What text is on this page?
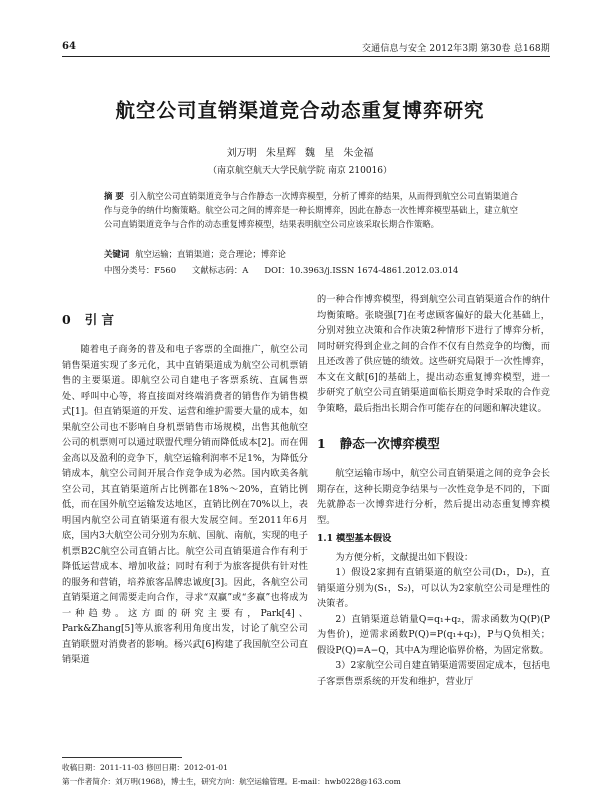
64	交通信息与安全 2012年3期 第30卷 总168期
航空公司直销渠道竞合动态重复博弈研究
刘万明 朱星辉 魏 星 朱金福
（南京航空航天大学民航学院 南京 210016）
摘 要 引入航空公司直销渠道竞争与合作静态一次博弈模型，分析了博弈的结果，从而得到航空公司直销渠道合作与竞争的纳什均衡策略。航空公司之间的博弈是一种长期博弈，因此在静态一次性博弈模型基础上，建立航空公司直销渠道竞争与合作的动态重复博弈模型，结果表明航空公司应该采取长期合作策略。
关键词 航空运输；直销渠道；竞合理论；博弈论
中图分类号：F560 文献标志码：A DOI：10.3963/j.ISSN 1674-4861.2012.03.014
0 引 言

随着电子商务的普及和电子客票的全面推广，航空公司销售渠道实现了多元化，其中直销渠道成为航空公司机票销售的主要渠道。即航空公司自建电子客票系统、直属售票处、呼叫中心等，将直接面对终端消费者的销售作为销售模式[1]。但直销渠道的开发、运营和维护需要大量的成本，如果航空公司也不影响自身机票销售市场规模，出售其他航空公司的机票则可以通过联盟代理分销而降低成本[2]。而在佣金高以及盈利的竞争下，航空运输利润率不足1%，为降低分销成本，航空公司间开展合作竞争成为必然。国内欧美各航空公司，其直销渠道所占比例都在18%～20%，直销比例低，而在国外航空运输发达地区，直销比例在70%以上，表明国内航空公司直销渠道有很大发展空间。至2011年6月底，国内3大航空公司分别为东航、国航、南航，实现的电子机票B2C航空公司直销占比。航空公司直销渠道合作有利于降低运营成本、增加收益；同时有利于为旅客提供有针对性的服务和营销，培养旅客品牌忠诚度[3]。因此，各航空公司直销渠道之间需要走向合作，寻求“双赢”或“多赢”也将成为一种趋势。这方面的研究主要有，Park[4]、Park&Zhang[5]等从旅客利用角度出发，讨论了航空公司直销联盟对消费者的影响。杨兴武[6]构建了我国航空公司直销渠道

的一种合作博弈模型，得到航空公司直销渠道合作的纳什均衡策略。张晓强[7]在考虑顾客偏好的最大化基础上，分别对独立决策和合作决策2种情形下进行了博弈分析，同时研究得到企业之间的合作不仅有自然竞争的均衡，而且还改善了供应链的绩效。这些研究局限于一次性博弈，本文在文献[6]的基础上，提出动态重复博弈模型，进一步研究了航空公司直销渠道面临长期竞争时采取的合作竞争策略，最后指出长期合作可能存在的问题和解决建议。

1 静态一次博弈模型

航空运输市场中，航空公司直销渠道之间的竞争会长期存在，这种长期竞争结果与一次性竞争是不同的，下面先就静态一次博弈进行分析，然后提出动态重复博弈模型。

1.1 模型基本假设

为方便分析，文献提出如下假设：

1）假设2家拥有直销渠道的航空公司(D₁，D₂)，直销渠道分别为(S₁，S₂)，可以认为2家航空公司是理性的决策者。

2）直销渠道总销量Q=q₁+q₂，需求函数为Q(P)(P为售价)，逆需求函数P(Q)=P(q₁+q₂)，P与Q负相关；假设P(Q)=A−Q，其中A为理论临界价格，为固定常数。

3）2家航空公司自建直销渠道需要固定成本，包括电子客票售票系统的开发和维护，营业厅

收稿日期：2011-11-03 修回日期：2012-01-01
第一作者简介：刘万明(1968)，博士生，研究方向：航空运输管理。E-mail：hwb0228@163.com
